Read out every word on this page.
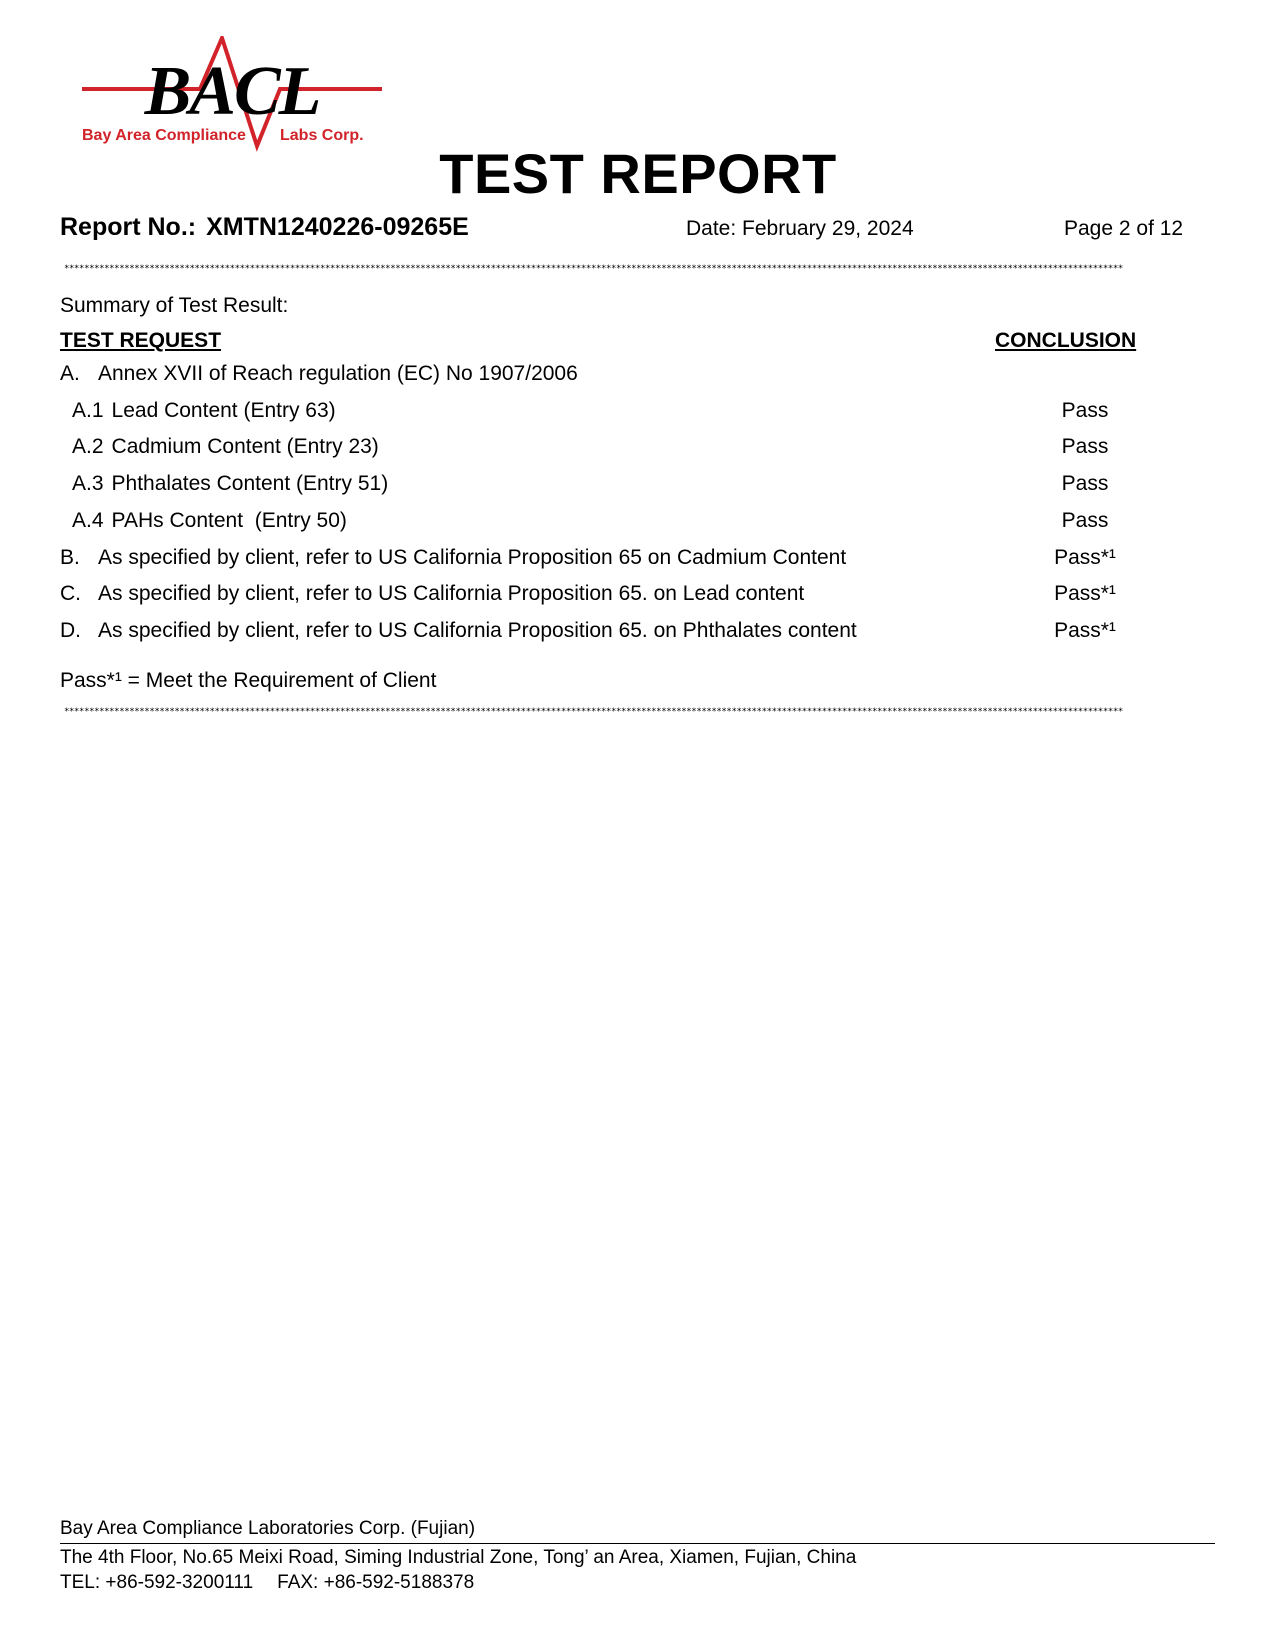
BACL
Bay Area Compliance Labs Corp.
TEST REPORT
Report No.: XMTN1240226-09265E	Date: February 29, 2024	Page 2 of 12
*******************************************************************************************************************************************************************************************************************
Summary of Test Result:
TEST REQUEST	CONCLUSION
A. Annex XVII of Reach regulation (EC) No 1907/2006
A.1 Lead Content (Entry 63)	Pass
A.2 Cadmium Content (Entry 23)	Pass
A.3 Phthalates Content (Entry 51)	Pass
A.4 PAHs Content  (Entry 50)	Pass
B. As specified by client, refer to US California Proposition 65 on Cadmium Content	Pass*¹
C. As specified by client, refer to US California Proposition 65. on Lead content	Pass*¹
D. As specified by client, refer to US California Proposition 65. on Phthalates content	Pass*¹
Pass*¹ = Meet the Requirement of Client
*******************************************************************************************************************************************************************************************************************
Bay Area Compliance Laboratories Corp. (Fujian)
The 4th Floor, No.65 Meixi Road, Siming Industrial Zone, Tong’ an Area, Xiamen, Fujian, China
TEL: +86-592-3200111 FAX: +86-592-5188378
